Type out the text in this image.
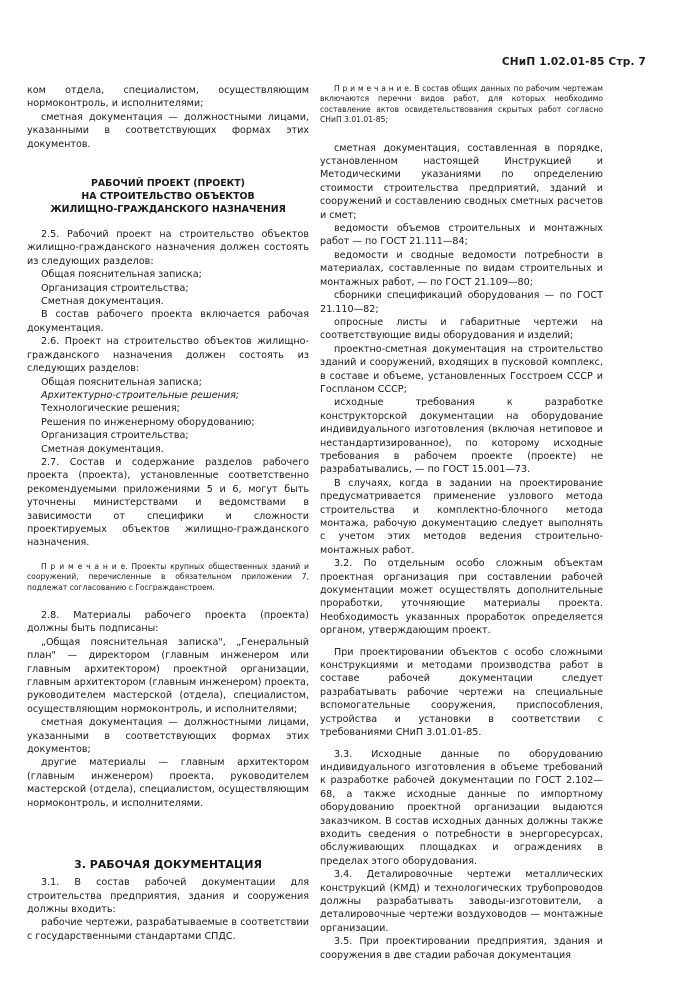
СНиП 1.02.01-85 Стр. 7

ком отдела, специалистом, осуществляющим нормоконтроль, и исполнителями;

сметная документация — должностными лицами, указанными в соответствующих формах этих документов.

РАБОЧИЙ ПРОЕКТ (ПРОЕКТ)

НА СТРОИТЕЛЬСТВО ОБЪЕКТОВ

ЖИЛИЩНО-ГРАЖДАНСКОГО НАЗНАЧЕНИЯ

2.5. Рабочий проект на строительство объектов жилищно-гражданского назначения должен состоять из следующих разделов:

Общая пояснительная записка;

Организация строительства;

Сметная документация.

В состав рабочего проекта включается рабочая документация.

2.6. Проект на строительство объектов жилищно-гражданского назначения должен состоять из следующих разделов:

Общая пояснительная записка;

Архитектурно-строительные решения;

Технологические решения;

Решения по инженерному оборудованию;

Организация строительства;

Сметная документация.

2.7. Состав и содержание разделов рабочего проекта (проекта), установленные соответственно рекомендуемыми приложениями 5 и 6, могут быть уточнены министерствами и ведомствами в зависимости от специфики и сложности проектируемых объектов жилищно-гражданского назначения.

П р и м е ч а н и е. Проекты крупных общественных зданий и сооружений, перечисленные в обязательном приложении 7, подлежат согласованию с Госгражданстроем.

2.8. Материалы рабочего проекта (проекта) должны быть подписаны:

„Общая пояснительная записка", „Генеральный план" — директором (главным инженером или главным архитектором) проектной организации, главным архитектором (главным инженером) проекта, руководителем мастерской (отдела), специалистом, осуществляющим нормоконтроль, и исполнителями;

сметная документация — должностными лицами, указанными в соответствующих формах этих документов;

другие материалы — главным архитектором (главным инженером) проекта, руководителем мастерской (отдела), специалистом, осуществляющим нормоконтроль, и исполнителями.

3. РАБОЧАЯ ДОКУМЕНТАЦИЯ

3.1. В состав рабочей документации для строительства предприятия, здания и сооружения должны входить:

рабочие чертежи, разрабатываемые в соответствии с государственными стандартами СПДС.

П р и м е ч а н и е. В состав общих данных по рабочим чертежам включаются перечни видов работ, для которых необходимо составление актов освидетельствования скрытых работ согласно СНиП 3.01.01-85;

сметная документация, составленная в порядке, установленном настоящей Инструкцией и Методическими указаниями по определению стоимости строительства предприятий, зданий и сооружений и составлению сводных сметных расчетов и смет;

ведомости объемов строительных и монтажных работ — по ГОСТ 21.111—84;

ведомости и сводные ведомости потребности в материалах, составленные по видам строительных и монтажных работ, — по ГОСТ 21.109—80;

сборники спецификаций оборудования — по ГОСТ 21.110—82;

опросные листы и габаритные чертежи на соответствующие виды оборудования и изделий;

проектно-сметная документация на строительство зданий и сооружений, входящих в пусковой комплекс, в составе и объеме, установленных Госстроем СССР и Госпланом СССР;

исходные требования к разработке конструкторской документации на оборудование индивидуального изготовления (включая нетиповое и нестандартизированное), по которому исходные требования в рабочем проекте (проекте) не разрабатывались, — по ГОСТ 15.001—73.

В случаях, когда в задании на проектирование предусматривается применение узлового метода строительства и комплектно-блочного метода монтажа, рабочую документацию следует выполнять с учетом этих методов ведения строительно-монтажных работ.

3.2. По отдельным особо сложным объектам проектная организация при составлении рабочей документации может осуществлять дополнительные проработки, уточняющие материалы проекта. Необходимость указанных проработок определяется органом, утверждающим проект.

При проектировании объектов с особо сложными конструкциями и методами производства работ в составе рабочей документации следует разрабатывать рабочие чертежи на специальные вспомогательные сооружения, приспособления, устройства и установки в соответствии с требованиями СНиП 3.01.01-85.

3.3. Исходные данные по оборудованию индивидуального изготовления в объеме требований к разработке рабочей документации по ГОСТ 2.102—68, а также исходные данные по импортному оборудованию проектной организации выдаются заказчиком. В состав исходных данных должны также входить сведения о потребности в энергоресурсах, обслуживающих площадках и ограждениях в пределах этого оборудования.

3.4. Деталировочные чертежи металлических конструкций (КМД) и технологических трубопроводов должны разрабатывать заводы-изготовители, а деталировочные чертежи воздуховодов — монтажные организации.

3.5. При проектировании предприятия, здания и сооружения в две стадии рабочая документация
